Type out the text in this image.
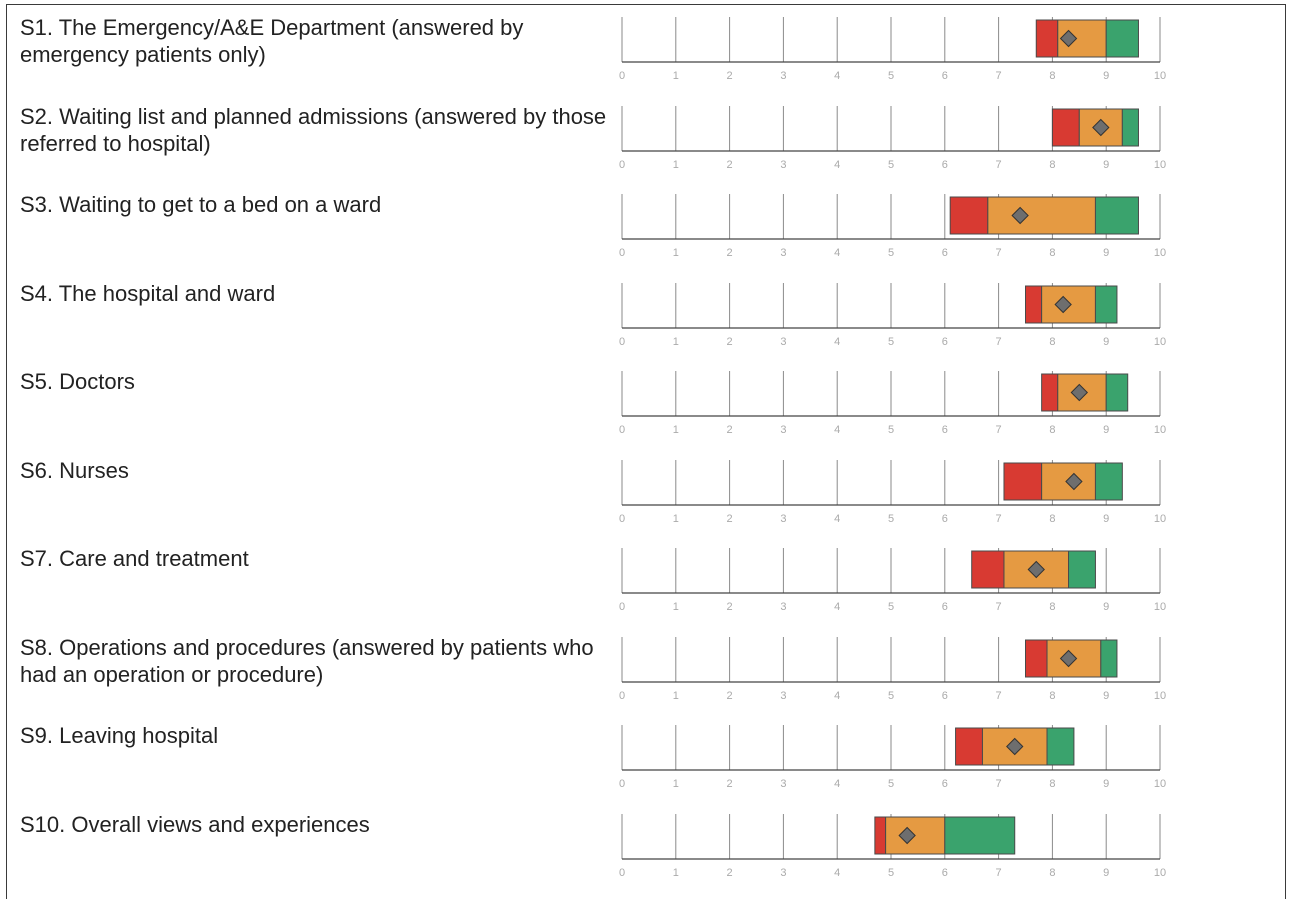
S1. The Emergency/A&E Department (answered by emergency patients only)
0	1	2	3	4	5	6	7	8	9	10
S2. Waiting list and planned admissions (answered by those referred to hospital)
0	1	2	3	4	5	6	7	8	9	10
S3. Waiting to get to a bed on a ward
0	1	2	3	4	5	6	7	8	9	10
S4. The hospital and ward
0	1	2	3	4	5	6	7	8	9	10
S5. Doctors
0	1	2	3	4	5	6	7	8	9	10
S6. Nurses
0	1	2	3	4	5	6	7	8	9	10
S7. Care and treatment
0	1	2	3	4	5	6	7	8	9	10
S8. Operations and procedures (answered by patients who had an operation or procedure)
0	1	2	3	4	5	6	7	8	9	10
S9. Leaving hospital
0	1	2	3	4	5	6	7	8	9	10
S10. Overall views and experiences
0	1	2	3	4	5	6	7	8	9	10
